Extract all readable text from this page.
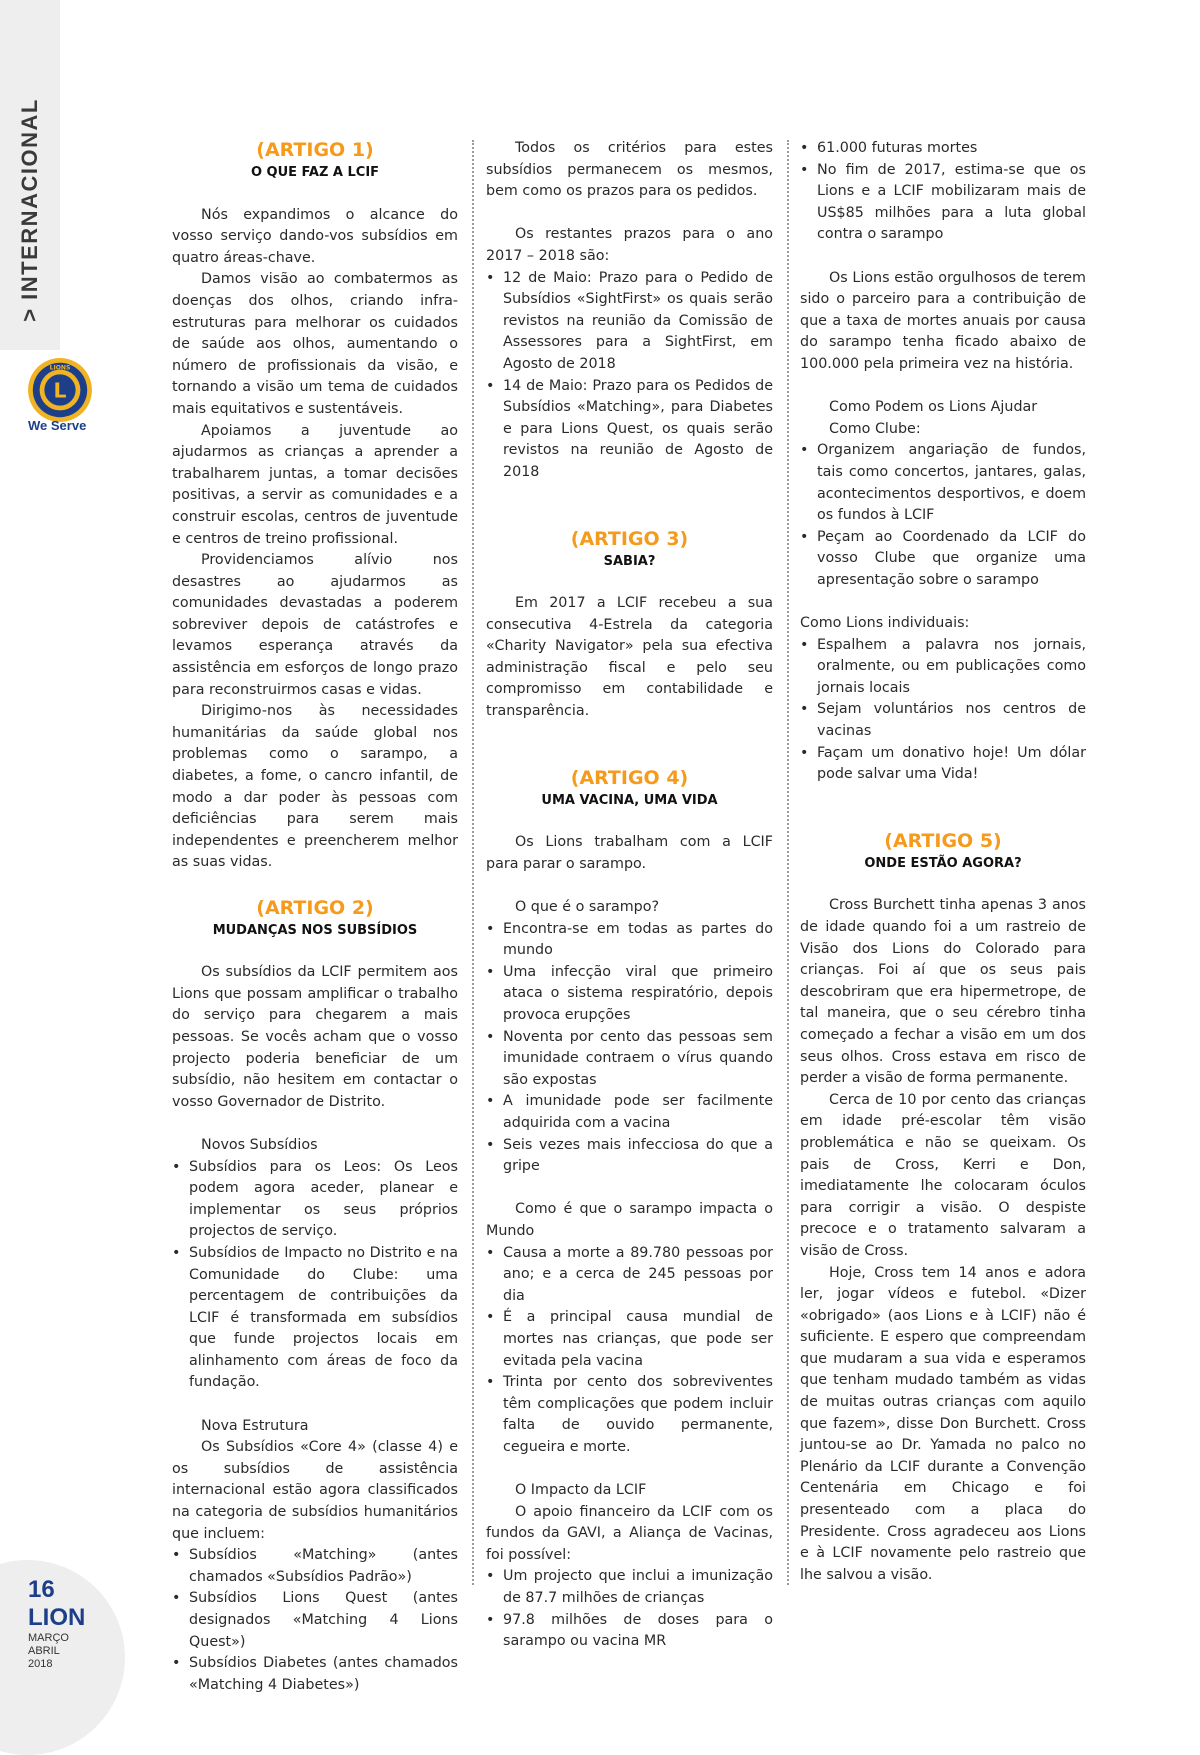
> INTERNACIONAL
L
LIONS
We Serve
16
LION
MARÇO
ABRIL
2018
(ARTIGO 1)
O QUE FAZ A LCIF

Nós expandimos o alcance do vosso serviço dando-vos subsídios em quatro áreas-chave.

Damos visão ao combatermos as doenças dos olhos, criando infra-estruturas para melhorar os cuidados de saúde aos olhos, aumentando o número de profissionais da visão, e tornando a visão um tema de cuidados mais equitativos e sustentáveis.

Apoiamos a juventude ao ajudarmos as crianças a aprender a trabalharem juntas, a tomar decisões positivas, a servir as comunidades e a construir escolas, centros de juventude e centros de treino profissional.

Providenciamos alívio nos desastres ao ajudarmos as comunidades devastadas a poderem sobreviver depois de catástrofes e levamos esperança através da assistência em esforços de longo prazo para reconstruirmos casas e vidas.

Dirigimo-nos às necessidades humanitárias da saúde global nos problemas como o sarampo, a diabetes, a fome, o cancro infantil, de modo a dar poder às pessoas com deficiências para serem mais independentes e preencherem melhor as suas vidas.

(ARTIGO 2)
MUDANÇAS NOS SUBSÍDIOS

Os subsídios da LCIF permitem aos Lions que possam amplificar o trabalho do serviço para chegarem a mais pessoas. Se vocês acham que o vosso projecto poderia beneficiar de um subsídio, não hesitem em contactar o vosso Governador de Distrito.

Novos Subsídios

• Subsídios para os Leos: Os Leos podem agora aceder, planear e implementar os seus próprios projectos de serviço.

• Subsídios de Impacto no Distrito e na Comunidade do Clube: uma percentagem de contribuições da LCIF é transformada em subsídios que funde projectos locais em alinhamento com áreas de foco da fundação.

Nova Estrutura

Os Subsídios «Core 4» (classe 4) e os subsídios de assistência internacional estão agora classificados na categoria de subsídios humanitários que incluem:

• Subsídios «Matching» (antes chamados «Subsídios Padrão»)

• Subsídios Lions Quest (antes designados «Matching 4 Lions Quest»)

• Subsídios Diabetes (antes chamados «Matching 4 Diabetes»)

Todos os critérios para estes subsídios permanecem os mesmos, bem como os prazos para os pedidos.

Os restantes prazos para o ano 2017 – 2018 são:

• 12 de Maio: Prazo para o Pedido de Subsídios «SightFirst» os quais serão revistos na reunião da Comissão de Assessores para a SightFirst, em Agosto de 2018

• 14 de Maio: Prazo para os Pedidos de Subsídios «Matching», para Diabetes e para Lions Quest, os quais serão revistos na reunião de Agosto de 2018

(ARTIGO 3)
SABIA?

Em 2017 a LCIF recebeu a sua consecutiva 4-Estrela da categoria «Charity Navigator» pela sua efectiva administração fiscal e pelo seu compromisso em contabilidade e transparência.

(ARTIGO 4)
UMA VACINA, UMA VIDA

Os Lions trabalham com a LCIF para parar o sarampo.

O que é o sarampo?

• Encontra-se em todas as partes do mundo

• Uma infecção viral que primeiro ataca o sistema respiratório, depois provoca erupções

• Noventa por cento das pessoas sem imunidade contraem o vírus quando são expostas

• A imunidade pode ser facilmente adquirida com a vacina

• Seis vezes mais infecciosa do que a gripe

Como é que o sarampo impacta o Mundo

• Causa a morte a 89.780 pessoas por ano; e a cerca de 245 pessoas por dia

• É a principal causa mundial de mortes nas crianças, que pode ser evitada pela vacina

• Trinta por cento dos sobreviventes têm complicações que podem incluir falta de ouvido permanente, cegueira e morte.

O Impacto da LCIF

O apoio financeiro da LCIF com os fundos da GAVI, a Aliança de Vacinas, foi possível:

• Um projecto que inclui a imunização de 87.7 milhões de crianças

• 97.8 milhões de doses para o sarampo ou vacina MR

• 61.000 futuras mortes

• No fim de 2017, estima-se que os Lions e a LCIF mobilizaram mais de US$85 milhões para a luta global contra o sarampo

Os Lions estão orgulhosos de terem sido o parceiro para a contribuição de que a taxa de mortes anuais por causa do sarampo tenha ficado abaixo de 100.000 pela primeira vez na história.

Como Podem os Lions Ajudar

Como Clube:

• Organizem angariação de fundos, tais como concertos, jantares, galas, acontecimentos desportivos, e doem os fundos à LCIF

• Peçam ao Coordenado da LCIF do vosso Clube que organize uma apresentação sobre o sarampo

Como Lions individuais:

• Espalhem a palavra nos jornais, oralmente, ou em publicações como jornais locais

• Sejam voluntários nos centros de vacinas

• Façam um donativo hoje! Um dólar pode salvar uma Vida!

(ARTIGO 5)
ONDE ESTÃO AGORA?

Cross Burchett tinha apenas 3 anos de idade quando foi a um rastreio de Visão dos Lions do Colorado para crianças. Foi aí que os seus pais descobriram que era hipermetrope, de tal maneira, que o seu cérebro tinha começado a fechar a visão em um dos seus olhos. Cross estava em risco de perder a visão de forma permanente.

Cerca de 10 por cento das crianças em idade pré-escolar têm visão problemática e não se queixam. Os pais de Cross, Kerri e Don, imediatamente lhe colocaram óculos para corrigir a visão. O despiste precoce e o tratamento salvaram a visão de Cross.

Hoje, Cross tem 14 anos e adora ler, jogar vídeos e futebol. «Dizer «obrigado» (aos Lions e à LCIF) não é suficiente. E espero que compreendam que mudaram a sua vida e esperamos que tenham mudado também as vidas de muitas outras crianças com aquilo que fazem», disse Don Burchett. Cross juntou-se ao Dr. Yamada no palco no Plenário da LCIF durante a Convenção Centenária em Chicago e foi presenteado com a placa do Presidente. Cross agradeceu aos Lions e à LCIF novamente pelo rastreio que lhe salvou a visão.
